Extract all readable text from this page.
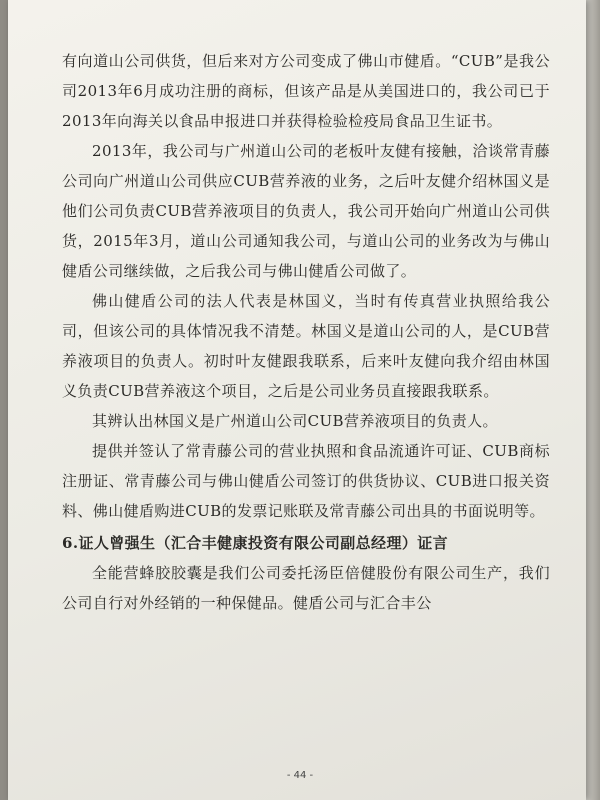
有向道山公司供货，但后来对方公司变成了佛山市健盾。“CUB”是我公司2013年6月成功注册的商标，但该产品是从美国进口的，我公司已于2013年向海关以食品申报进口并获得检验检疫局食品卫生证书。

2013年，我公司与广州道山公司的老板叶友健有接触，洽谈常青藤公司向广州道山公司供应CUB营养液的业务，之后叶友健介绍林国义是他们公司负责CUB营养液项目的负责人，我公司开始向广州道山公司供货，2015年3月，道山公司通知我公司，与道山公司的业务改为与佛山健盾公司继续做，之后我公司与佛山健盾公司做了。

佛山健盾公司的法人代表是林国义，当时有传真营业执照给我公司，但该公司的具体情况我不清楚。林国义是道山公司的人，是CUB营养液项目的负责人。初时叶友健跟我联系，后来叶友健向我介绍由林国义负责CUB营养液这个项目，之后是公司业务员直接跟我联系。

其辨认出林国义是广州道山公司CUB营养液项目的负责人。

提供并签认了常青藤公司的营业执照和食品流通许可证、CUB商标注册证、常青藤公司与佛山健盾公司签订的供货协议、CUB进口报关资料、佛山健盾购进CUB的发票记账联及常青藤公司出具的书面说明等。

6.证人曾强生（汇合丰健康投资有限公司副总经理）证言

全能营蜂胶胶囊是我们公司委托汤臣倍健股份有限公司生产，我们公司自行对外经销的一种保健品。健盾公司与汇合丰公

- 44 -
